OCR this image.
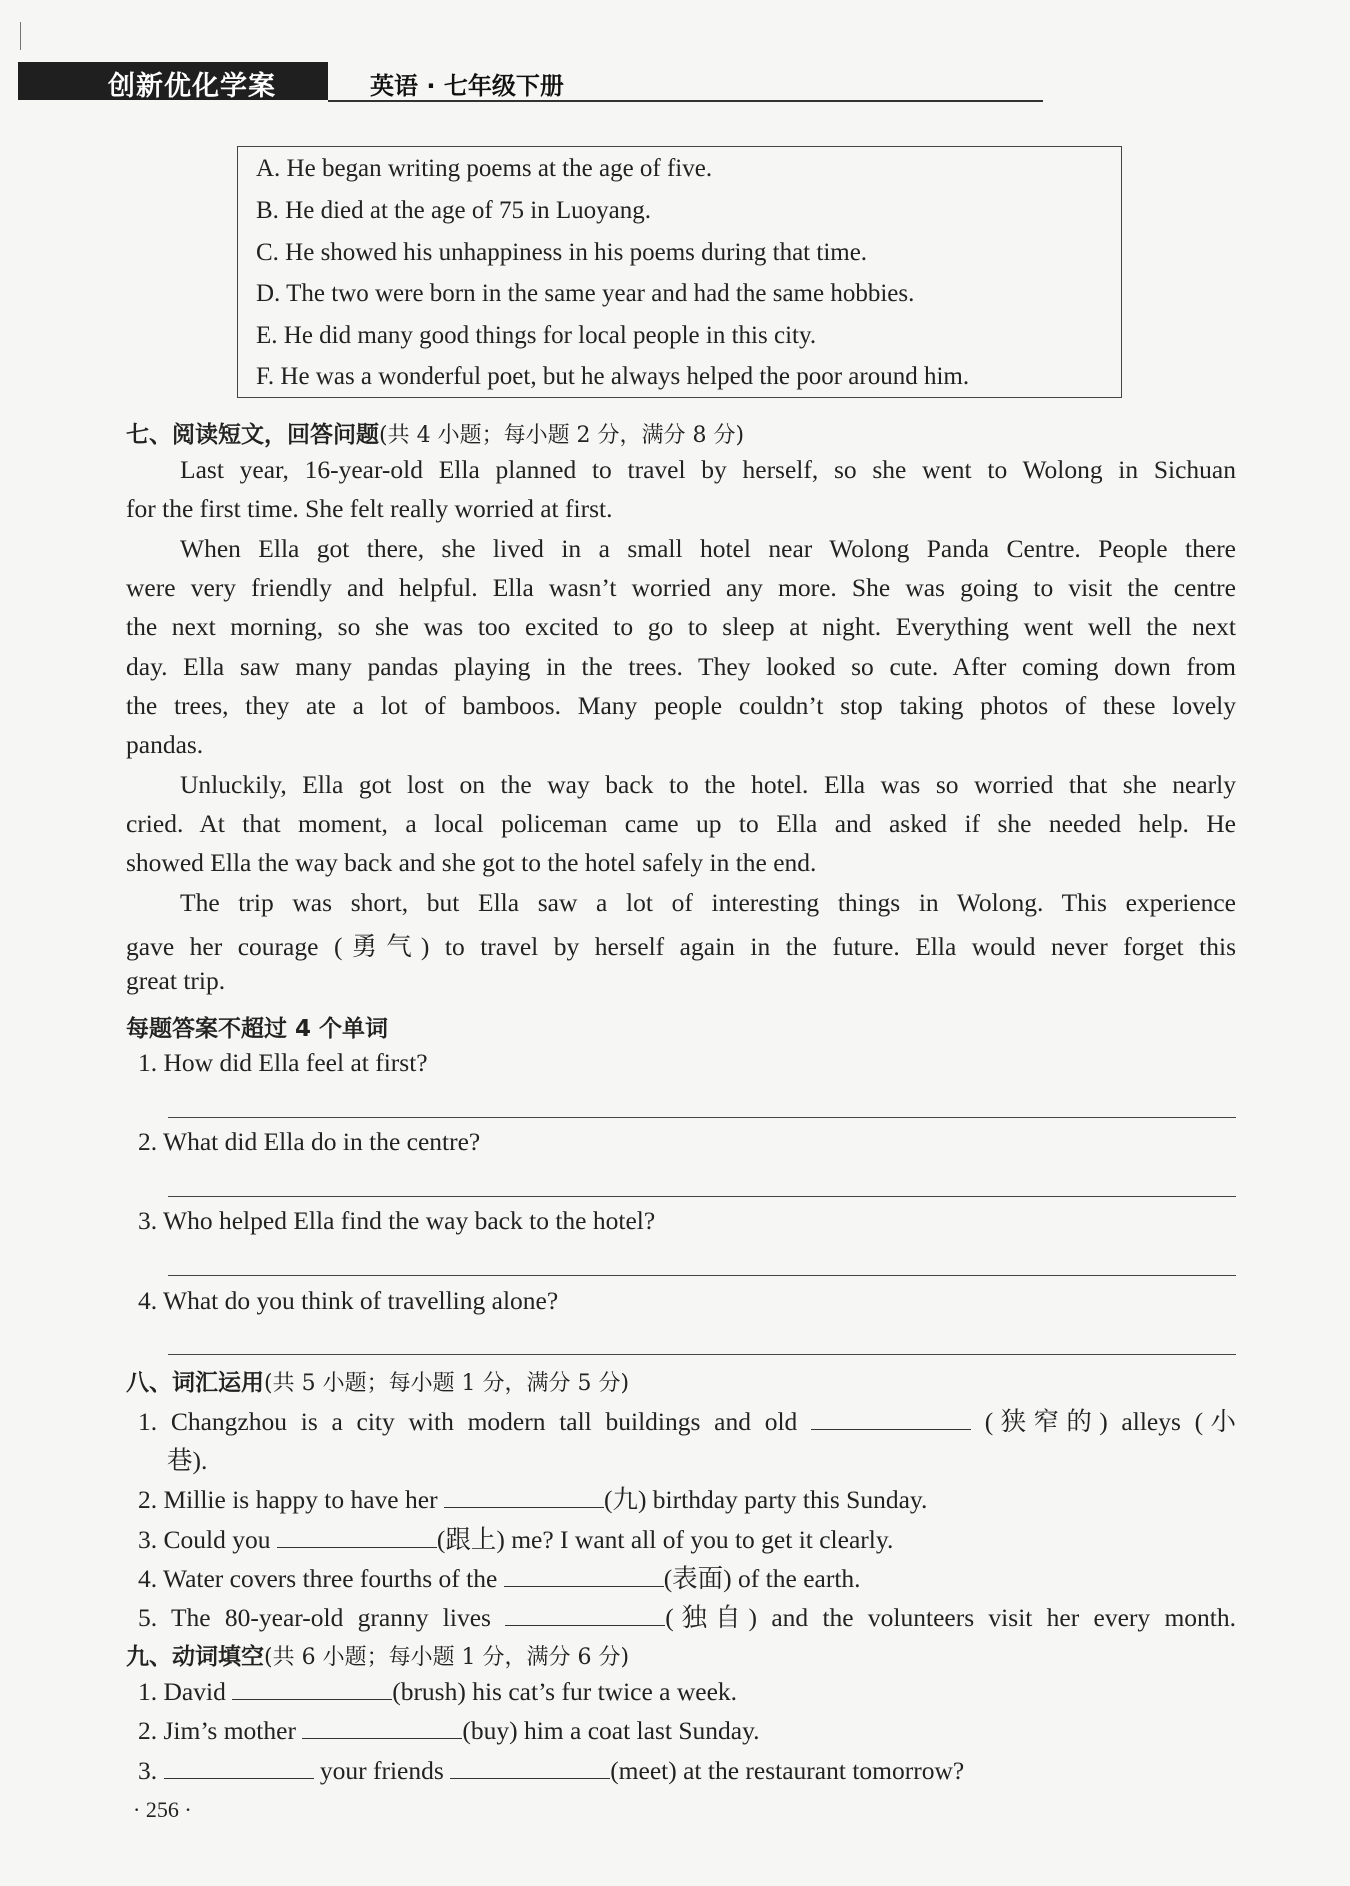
创新优化学案	英语 · 七年级下册
A. He began writing poems at the age of five.
B. He died at the age of 75 in Luoyang.
C. He showed his unhappiness in his poems during that time.
D. The two were born in the same year and had the same hobbies.
E. He did many good things for local people in this city.
F. He was a wonderful poet, but he always helped the poor around him.
七、阅读短文，回答问题(共 4 小题；每小题 2 分，满分 8 分)
Last year, 16-year-old Ella planned to travel by herself, so she went to Wolong in Sichuan
for the first time. She felt really worried at first.
When Ella got there, she lived in a small hotel near Wolong Panda Centre. People there
were very friendly and helpful. Ella wasn’t worried any more. She was going to visit the centre
the next morning, so she was too excited to go to sleep at night. Everything went well the next
day. Ella saw many pandas playing in the trees. They looked so cute. After coming down from
the trees, they ate a lot of bamboos. Many people couldn’t stop taking photos of these lovely
pandas.
Unluckily, Ella got lost on the way back to the hotel. Ella was so worried that she nearly
cried. At that moment, a local policeman came up to Ella and asked if she needed help. He
showed Ella the way back and she got to the hotel safely in the end.
The trip was short, but Ella saw a lot of interesting things in Wolong. This experience
gave her courage (勇气) to travel by herself again in the future. Ella would never forget this
great trip.
每题答案不超过 4 个单词
1. How did Ella feel at first?
2. What did Ella do in the centre?
3. Who helped Ella find the way back to the hotel?
4. What do you think of travelling alone?
八、词汇运用(共 5 小题；每小题 1 分，满分 5 分)
1. Changzhou is a city with modern tall buildings and old	(狭窄的) alleys (小
巷).
2. Millie is happy to have her	(九) birthday party this Sunday.
3. Could you	(跟上) me? I want all of you to get it clearly.
4. Water covers three fourths of the	(表面) of the earth.
5. The 80-year-old granny lives	(独自) and the volunteers visit her every month.
九、动词填空(共 6 小题；每小题 1 分，满分 6 分)
1. David	(brush) his cat’s fur twice a week.
2. Jim’s mother	(buy) him a coat last Sunday.
3.	your friends	(meet) at the restaurant tomorrow?
· 256 ·
